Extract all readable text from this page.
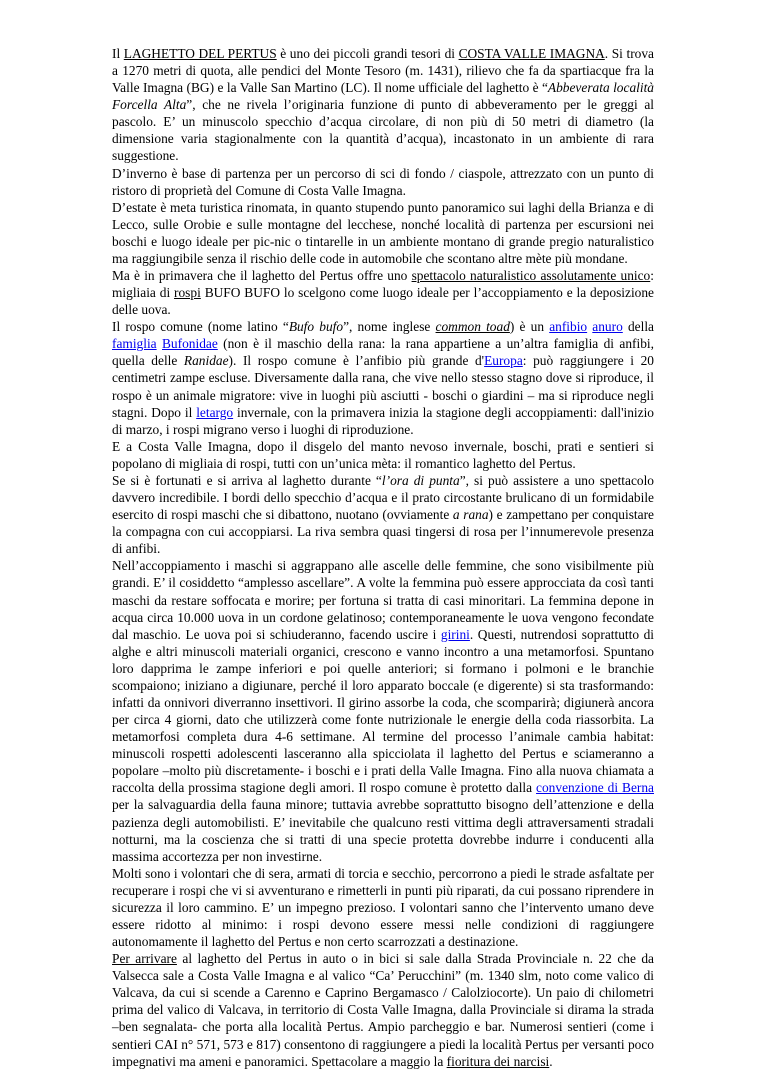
Il LAGHETTO DEL PERTUS è uno dei piccoli grandi tesori di COSTA VALLE IMAGNA. Si trova a 1270 metri di quota, alle pendici del Monte Tesoro (m. 1431), rilievo che fa da spartiacque fra la Valle Imagna (BG) e la Valle San Martino (LC). Il nome ufficiale del laghetto è “Abbeverata località Forcella Alta”, che ne rivela l’originaria funzione di punto di abbeveramento per le greggi al pascolo. E’ un minuscolo specchio d’acqua circolare, di non più di 50 metri di diametro (la dimensione varia stagionalmente con la quantità d’acqua), incastonato in un ambiente di rara suggestione.

D’inverno è base di partenza per un percorso di sci di fondo / ciaspole, attrezzato con un punto di ristoro di proprietà del Comune di Costa Valle Imagna.

D’estate è meta turistica rinomata, in quanto stupendo punto panoramico sui laghi della Brianza e di Lecco, sulle Orobie e sulle montagne del lecchese, nonché località di partenza per escursioni nei boschi e luogo ideale per pic-nic o tintarelle in un ambiente montano di grande pregio naturalistico ma raggiungibile senza il rischio delle code in automobile che scontano altre mète più mondane.

Ma è in primavera che il laghetto del Pertus offre uno spettacolo naturalistico assolutamente unico: migliaia di rospi BUFO BUFO lo scelgono come luogo ideale per l’accoppiamento e la deposizione delle uova.

Il rospo comune (nome latino “Bufo bufo”, nome inglese common toad) è un anfibio anuro della famiglia Bufonidae (non è il maschio della rana: la rana appartiene a un’altra famiglia di anfibi, quella delle Ranidae). Il rospo comune è l’anfibio più grande d'Europa: può raggiungere i 20 centimetri zampe escluse. Diversamente dalla rana, che vive nello stesso stagno dove si riproduce, il rospo è un animale migratore: vive in luoghi più asciutti - boschi o giardini – ma si riproduce negli stagni. Dopo il letargo invernale, con la primavera inizia la stagione degli accoppiamenti: dall'inizio di marzo, i rospi migrano verso i luoghi di riproduzione.

E a Costa Valle Imagna, dopo il disgelo del manto nevoso invernale, boschi, prati e sentieri si popolano di migliaia di rospi, tutti con un’unica mèta: il romantico laghetto del Pertus.

Se si è fortunati e si arriva al laghetto durante “l’ora di punta”, si può assistere a uno spettacolo davvero incredibile. I bordi dello specchio d’acqua e il prato circostante brulicano di un formidabile esercito di rospi maschi che si dibattono, nuotano (ovviamente a rana) e zampettano per conquistare la compagna con cui accoppiarsi. La riva sembra quasi tingersi di rosa per l’innumerevole presenza di anfibi.

Nell’accoppiamento i maschi si aggrappano alle ascelle delle femmine, che sono visibilmente più grandi. E’ il cosiddetto “amplesso ascellare”. A volte la femmina può essere approcciata da così tanti maschi da restare soffocata e morire; per fortuna si tratta di casi minoritari. La femmina depone in acqua circa 10.000 uova in un cordone gelatinoso; contemporaneamente le uova vengono fecondate dal maschio. Le uova poi si schiuderanno, facendo uscire i girini. Questi, nutrendosi soprattutto di alghe e altri minuscoli materiali organici, crescono e vanno incontro a una metamorfosi. Spuntano loro dapprima le zampe inferiori e poi quelle anteriori; si formano i polmoni e le branchie scompaiono; iniziano a digiunare, perché il loro apparato boccale (e digerente) si sta trasformando: infatti da onnivori diverranno insettivori. Il girino assorbe la coda, che scomparirà; digiunerà ancora per circa 4 giorni, dato che utilizzerà come fonte nutrizionale le energie della coda riassorbita. La metamorfosi completa dura 4-6 settimane. Al termine del processo l’animale cambia habitat: minuscoli rospetti adolescenti lasceranno alla spicciolata il laghetto del Pertus e sciameranno a popolare –molto più discretamente- i boschi e i prati della Valle Imagna. Fino alla nuova chiamata a raccolta della prossima stagione degli amori. Il rospo comune è protetto dalla convenzione di Berna per la salvaguardia della fauna minore; tuttavia avrebbe soprattutto bisogno dell’attenzione e della pazienza degli automobilisti. E’ inevitabile che qualcuno resti vittima degli attraversamenti stradali notturni, ma la coscienza che si tratti di una specie protetta dovrebbe indurre i conducenti alla massima accortezza per non investirne.

Molti sono i volontari che di sera, armati di torcia e secchio, percorrono a piedi le strade asfaltate per recuperare i rospi che vi si avventurano e rimetterli in punti più riparati, da cui possano riprendere in sicurezza il loro cammino. E’ un impegno prezioso. I volontari sanno che l’intervento umano deve essere ridotto al minimo: i rospi devono essere messi nelle condizioni di raggiungere autonomamente il laghetto del Pertus e non certo scarrozzati a destinazione.

Per arrivare al laghetto del Pertus in auto o in bici si sale dalla Strada Provinciale n. 22 che da Valsecca sale a Costa Valle Imagna e al valico “Ca’ Perucchini” (m. 1340 slm, noto come valico di Valcava, da cui si scende a Carenno e Caprino Bergamasco / Calolziocorte). Un paio di chilometri prima del valico di Valcava, in territorio di Costa Valle Imagna, dalla Provinciale si dirama la strada –ben segnalata- che porta alla località Pertus. Ampio parcheggio e bar. Numerosi sentieri (come i sentieri CAI n° 571, 573 e 817) consentono di raggiungere a piedi la località Pertus per versanti poco impegnativi ma ameni e panoramici. Spettacolare a maggio la fioritura dei narcisi.
